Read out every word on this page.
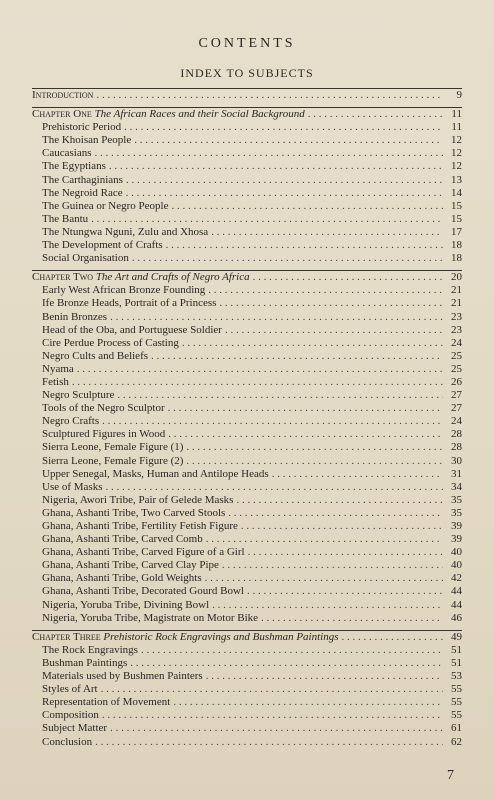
CONTENTS
INDEX TO SUBJECTS
Introduction . . .	9
Chapter One The African Races and their Social Background . . .	11
Prehistoric Period . . .	11
The Khoisan People . . .	12
Caucasians . . .	12
The Egyptians . . .	12
The Carthaginians . . .	13
The Negroid Race . . .	14
The Guinea or Negro People . . .	15
The Bantu . . .	15
The Ntungwa Nguni, Zulu and Xhosa . . .	17
The Development of Crafts . . .	18
Social Organisation . . .	18
Chapter Two The Art and Crafts of Negro Africa . . .	20
Early West African Bronze Founding . . .	21
Ife Bronze Heads, Portrait of a Princess . . .	21
Benin Bronzes . . .	23
Head of the Oba, and Portuguese Soldier . . .	23
Cire Perdue Process of Casting . . .	24
Negro Cults and Beliefs . . .	25
Nyama . . .	25
Fetish . . .	26
Negro Sculpture . . .	27
Tools of the Negro Sculptor . . .	27
Negro Crafts . . .	24
Sculptured Figures in Wood . . .	28
Sierra Leone, Female Figure (1) . . .	28
Sierra Leone, Female Figure (2) . . .	30
Upper Senegal, Masks, Human and Antilope Heads . . .	31
Use of Masks . . .	34
Nigeria, Awori Tribe, Pair of Gelede Masks . . .	35
Ghana, Ashanti Tribe, Two Carved Stools . . .	35
Ghana, Ashanti Tribe, Fertility Fetish Figure . . .	39
Ghana, Ashanti Tribe, Carved Comb . . .	39
Ghana, Ashanti Tribe, Carved Figure of a Girl . . .	40
Ghana, Ashanti Tribe, Carved Clay Pipe . . .	40
Ghana, Ashanti Tribe, Gold Weights . . .	42
Ghana, Ashanti Tribe, Decorated Gourd Bowl . . .	44
Nigeria, Yoruba Tribe, Divining Bowl . . .	44
Nigeria, Yoruba Tribe, Magistrate on Motor Bike . . .	46
Chapter Three Prehistoric Rock Engravings and Bushman Paintings . . .	49
The Rock Engravings . . .	51
Bushman Paintings . . .	51
Materials used by Bushmen Painters . . .	53
Styles of Art . . .	55
Representation of Movement . . .	55
Composition . . .	55
Subject Matter . . .	61
Conclusion . . .	62
7
